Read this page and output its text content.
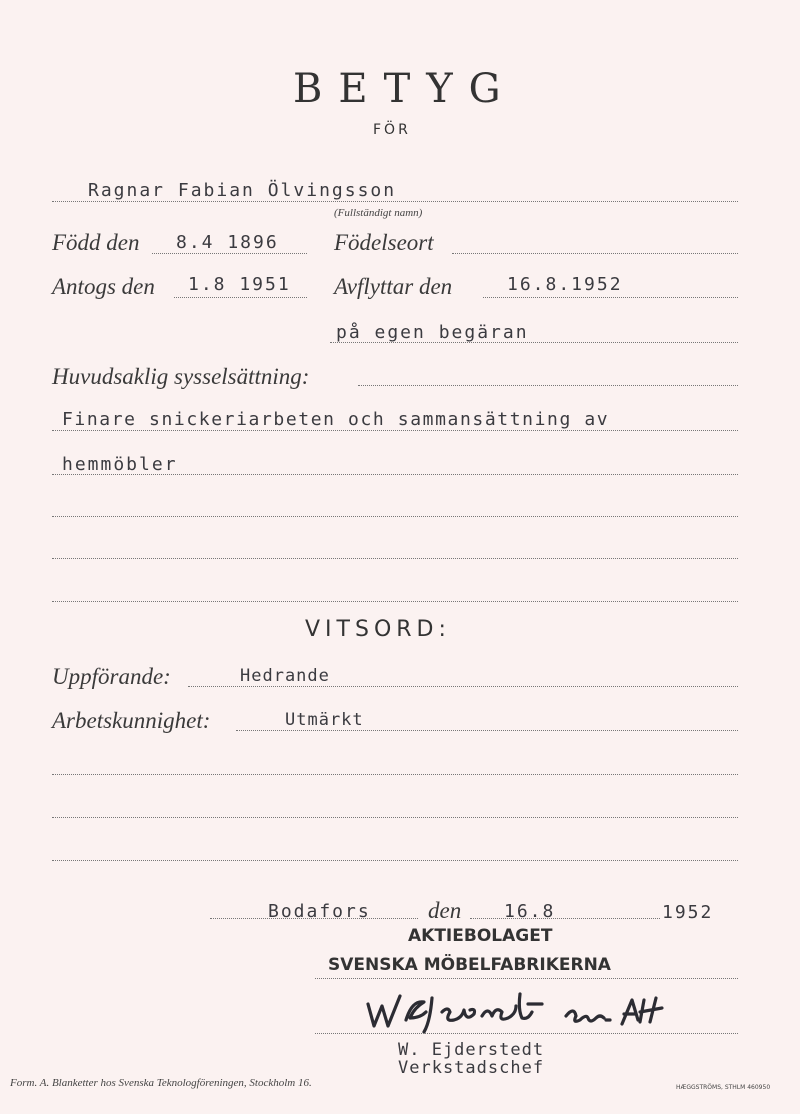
BETYG
FÖR
Ragnar Fabian Ölvingsson
(Fullständigt namn)
Född den 8.4 1896 Födelseort
Antogs den 1.8 1951 Avflyttar den	16.8.1952
på egen begäran
Huvudsaklig sysselsättning:
Finare snickeriarbeten och sammansättning av
hemmöbler
VITSORD:
Uppförande:	Hedrande
Arbetskunnighet:	Utmärkt
Bodafors den 16.8	1952
AKTIEBOLAGET
SVENSKA MÖBELFABRIKERNA
W. Ejderstedt
Verkstadschef
Form. A. Blanketter hos Svenska Teknologföreningen, Stockholm 16.	HÆGGSTRÖMS, STHLM 460950
